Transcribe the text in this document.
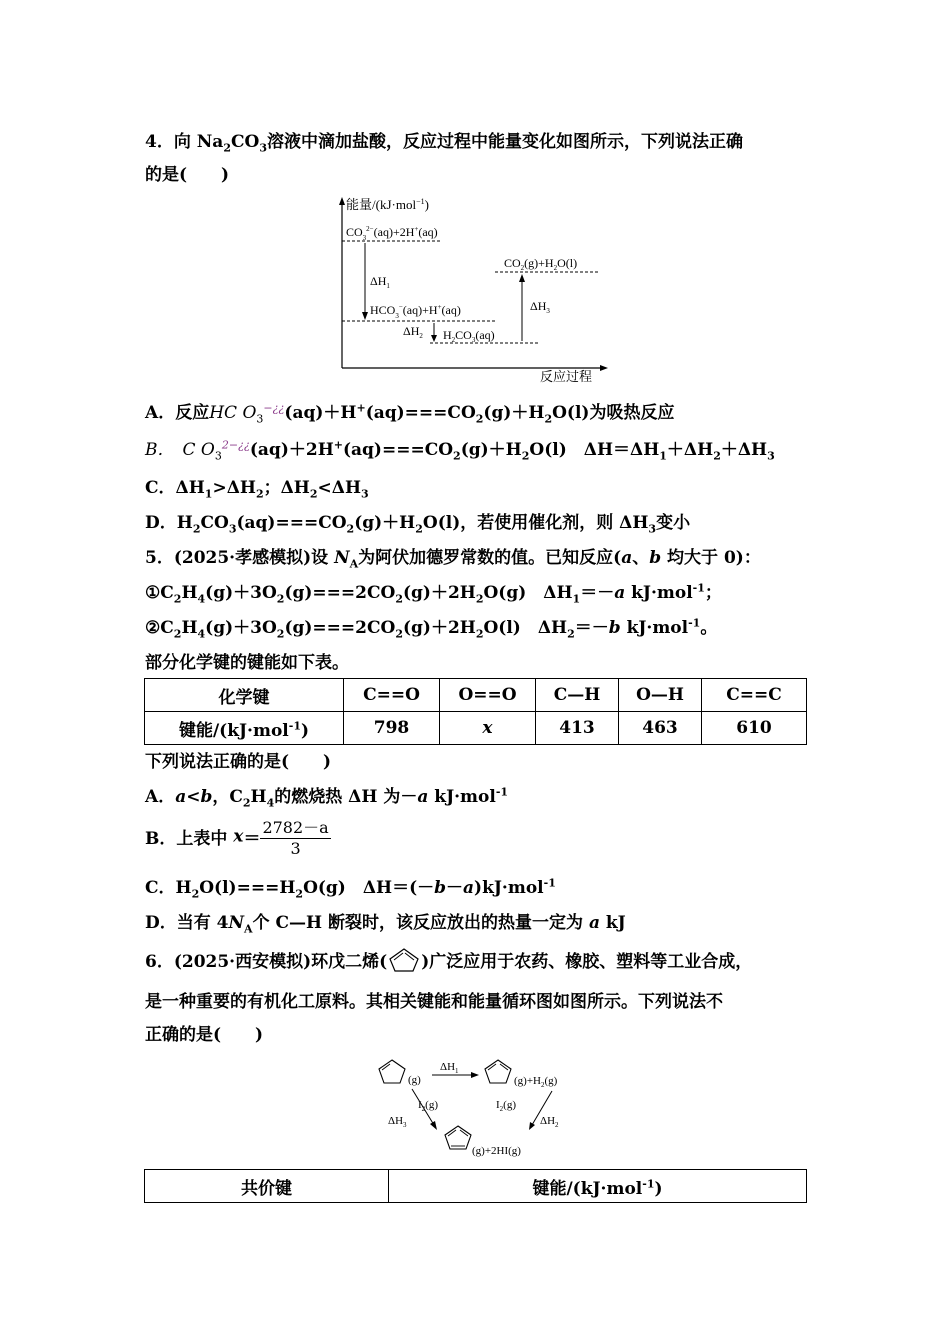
4．向 $Na_2CO_3$溶液中滴加盐酸，反应过程中能量变化如图所示，下列说法正确
的是(　　)
能量/(kJ·mol$^{-1}$)
反应过程
$CO_3^{2-}(aq)+2H^+(aq)$
$HCO_3^-(aq)+H^+(aq)$
$H_2CO_3(aq)$
$CO_2(g)+H_2O(l)$
$\Delta H_1$
$\Delta H_2$
$\Delta H_3$
A．反应HC $O_3^{-¿¿}(aq)+H^+(aq)===CO_2(g)+H_2O(l)$为吸热反应
B． C $O_3^{2-¿¿}(aq)+2H^+(aq)===CO_2(g)+H_2O(l)$　$\Delta H=\Delta H_1+\Delta H_2+\Delta H_3$
C．$\Delta H_1>\Delta H_2$；$\Delta H_2<\Delta H_3$
D．$H_2CO_3(aq)===CO_2(g)+H_2O(l)$，若使用催化剂，则 $\Delta H_3$变小
5．(2025·孝感模拟)设 $N_A$为阿伏加德罗常数的值。已知反应(a、b 均大于 0)：
$①C_2H_4(g)+3O_2(g)===2CO_2(g)+2H_2O(g)$　$\Delta H_1=-a$ kJ·mol$^{-1}$；
$②C_2H_4(g)+3O_2(g)===2CO_2(g)+2H_2O(l)$　$\Delta H_2=-b$ kJ·mol$^{-1}$。
部分化学键的键能如下表。
化学键	C==O	O==O	C—H	O—H	C==C
键能/(kJ·mol$^{-1}$)	798	x	413	463	610
下列说法正确的是(　　)
A．a<b，$C_2H_4$的燃烧热 ΔH 为－a kJ·mol$^{-1}$
B．上表中 $x= \frac{2782-a}{3}$
C．$H_2O(l)===H_2O(g)$　ΔH＝(－b－a)kJ·mol$^{-1}$
D．当有 $4N_A$个 C—H 断裂时，该反应放出的热量一定为 a kJ
6．(2025·西安模拟)环戊二烯( )广泛应用于农药、橡胶、塑料等工业合成，
是一种重要的有机化工原料。其相关键能和能量循环图如图所示。下列说法不
正确的是(　　)
(g)
$\Delta H_1$
$(g)+H_2(g)$
$I_2(g)$
$\Delta H_3$
$I_2(g)$
$\Delta H_2$
(g)+2HI(g)
共价键	键能/(kJ·mol$^{-1}$)
